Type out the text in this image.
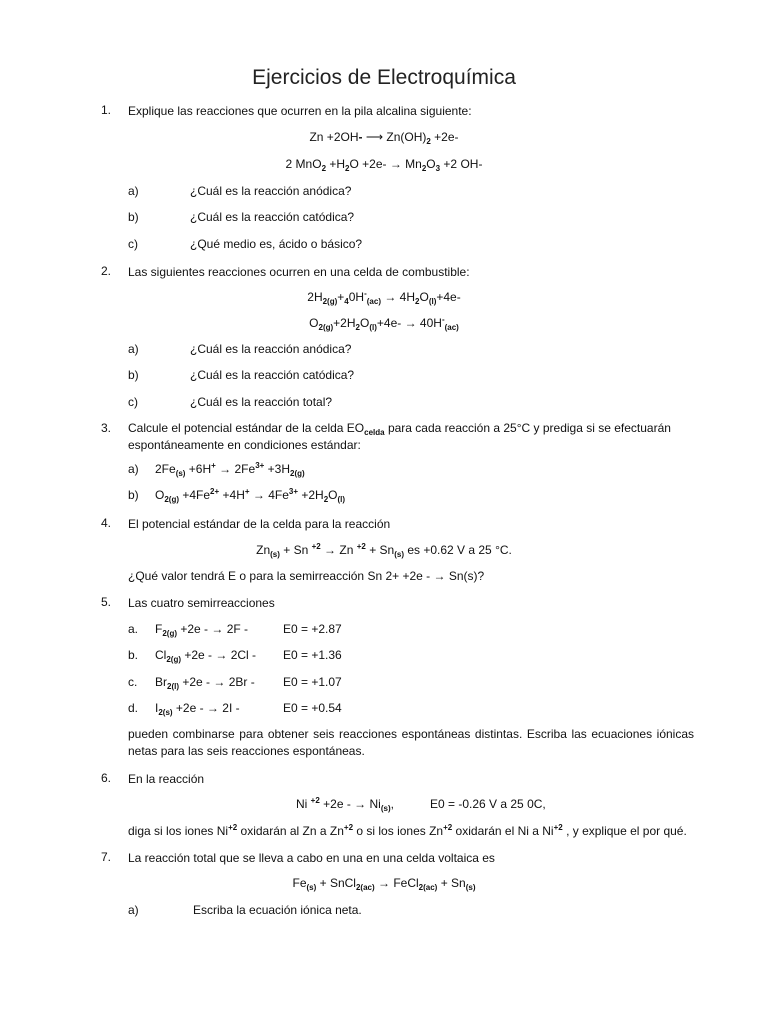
Ejercicios de Electroquímica
1. Explique las reacciones que ocurren en la pila alcalina siguiente:
Zn +2OH- ⟶ $Zn(OH)_2 +2e-$
2 $MnO_2 +H_2O +2e- \to Mn_2O_3 +2$ OH-
a)	¿Cuál es la reacción anódica?
b)	¿Cuál es la reacción catódica?
c)	¿Qué medio es, ácido o básico?
2. Las siguientes reacciones ocurren en una celda de combustible:
$2H_{2(g)}+_40H^-_{(ac)} \to 4H_2O_{(l)}+4e-$
$O_{2(g)}+2H_2O_{(l)}+4e- \to 40H^-_{(ac)}$
a)	¿Cuál es la reacción anódica?
b)	¿Cuál es la reacción catódica?
c)	¿Cuál es la reacción total?
3. Calcule el potencial estándar de la celda $EO_{celda}$ para cada reacción a 25°C y prediga si se efectuarán espontáneamente en condiciones estándar:
a) $2Fe_{(s)} +6H^+ \to 2Fe^{3+} +3H_{2(g)}$
b) $O_{2(g)} +4Fe^{2+} +4H^+ \to 4Fe^{3+} +2H_2O_{(l)}$
4. El potencial estándar de la celda para la reacción
$Zn_{(s)} + Sn$ $^{+2}$ → Zn $^{+2} + Sn_{(s)}$ es +0.62 V a 25 °C.
¿Qué valor tendrá E o para la semirreacción Sn 2+ +2e - → Sn(s)?
5. Las cuatro semirreacciones
a. $F_{2(g)} +2e$ - → 2F -	E0 = +2.87
b. $Cl_{2(g)} +2e$ - → 2Cl - E0 = +1.36
c. $Br_{2(l)} +2e$ - → 2Br - E0 = +1.07
d. $I_{2(s)} +2e$ - → 2I -	E0 = +0.54
pueden combinarse para obtener seis reacciones espontáneas distintas. Escriba las ecuaciones iónicas netas para las seis reacciones espontáneas.
6. En la reacción
Ni $^{+2}$ +2e - → $Ni_{(s)}$,	E0 = -0.26 V a 25 0C,
diga si los iones $Ni^{+2}$ oxidarán al Zn a $Zn^{+2}$ o si los iones $Zn^{+2}$ oxidarán el Ni a $Ni^{+2}$ , y explique el por qué.
7. La reacción total que se lleva a cabo en una en una celda voltaica es
$Fe_{(s)}$ + SnCl$_{2(ac)}$ → FeCl$_{2(ac)}$ + $Sn_{(s)}$
a)	Escriba la ecuación iónica neta.
